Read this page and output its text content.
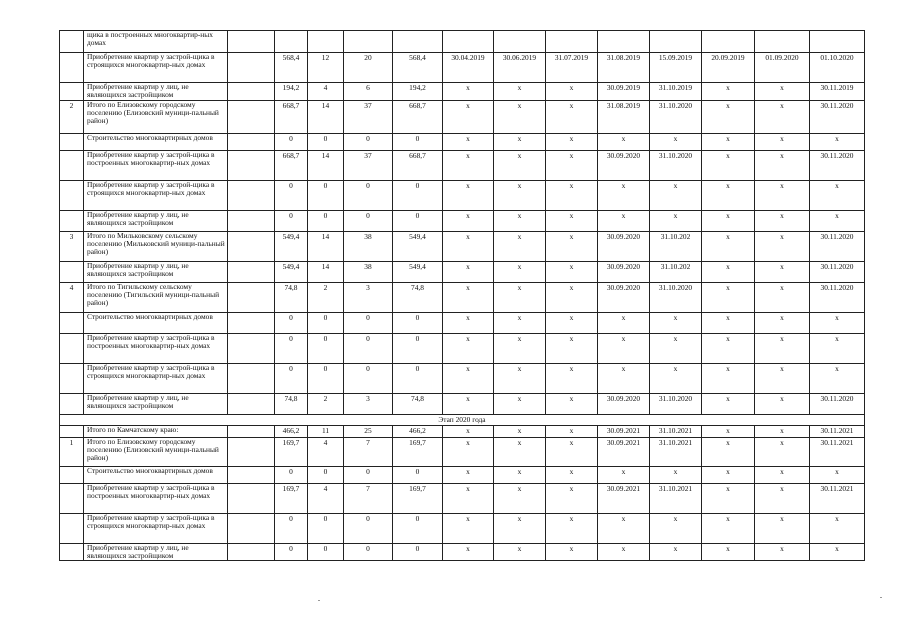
	щика в построенных многоквартир-ных домах														
	Приобретение квартир у застрой-щика в строящихся многоквартир-ных домах		568,4	12	20	568,4	30.04.2019	30.06.2019	31.07.2019	31.08.2019	15.09.2019	20.09.2019	01.09.2020	01.10.2020	
	Приобретение квартир у лиц, не являющихся застройщиком		194,2	4	6	194,2	x	x	x	30.09.2019	31.10.2019	x	x	30.11.2019	
2	Итого по Елизовскому городскому поселению (Елизовский муници-пальный район)		668,7	14	37	668,7	x	x	x	31.08.2019	31.10.2020	x	x	30.11.2020	
	Строительство многоквартирных домов		0	0	0	0	x	x	x	x	x	x	x	x	
	Приобретение квартир у застрой-щика в построенных многоквартир-ных домах		668,7	14	37	668,7	x	x	x	30.09.2020	31.10.2020	x	x	30.11.2020	
	Приобретение квартир у застрой-щика в строящихся многоквартир-ных домах		0	0	0	0	x	x	x	x	x	x	x	x	
	Приобретение квартир у лиц, не являющихся застройщиком		0	0	0	0	x	x	x	x	x	x	x	x	
3	Итого по Мильковскому сельскому поселению (Мильковский муници-пальный район)		549,4	14	38	549,4	x	x	x	30.09.2020	31.10.202	x	x	30.11.2020	
	Приобретение квартир у лиц, не являющихся застройщиком		549,4	14	38	549,4	x	x	x	30.09.2020	31.10.202	x	x	30.11.2020	
4	Итого по Тигильскому сельскому поселению (Тигильский муници-пальный район)		74,8	2	3	74,8	x	x	x	30.09.2020	31.10.2020	x	x	30.11.2020	
	Строительство многоквартирных домов		0	0	0	0	x	x	x	x	x	x	x	x	
	Приобретение квартир у застрой-щика в построенных многоквартир-ных домах		0	0	0	0	x	x	x	x	x	x	x	x	
	Приобретение квартир у застрой-щика в строящихся многоквартир-ных домах		0	0	0	0	x	x	x	x	x	x	x	x	
	Приобретение квартир у лиц, не являющихся застройщиком		74,8	2	3	74,8	x	x	x	30.09.2020	31.10.2020	x	x	30.11.2020	
Этап 2020 года															
	Итого по Камчатскому краю:		466,2	11	25	466,2	x	x	x	30.09.2021	31.10.2021	x	x	30.11.2021	
1	Итого по Елизовскому городскому поселению (Елизовский муници-пальный район)		169,7	4	7	169,7	x	x	x	30.09.2021	31.10.2021	x	x	30.11.2021	
	Строительство многоквартирных домов		0	0	0	0	x	x	x	x	x	x	x	x	
	Приобретение квартир у застрой-щика в построенных многоквартир-ных домах		169,7	4	7	169,7	x	x	x	30.09.2021	31.10.2021	x	x	30.11.2021	
	Приобретение квартир у застрой-щика в строящихся многоквартир-ных домах		0	0	0	0	x	x	x	x	x	x	x	x	
	Приобретение квартир у лиц, не являющихся застройщиком		0	0	0	0	x	x	x	x	x	x	x	x	
